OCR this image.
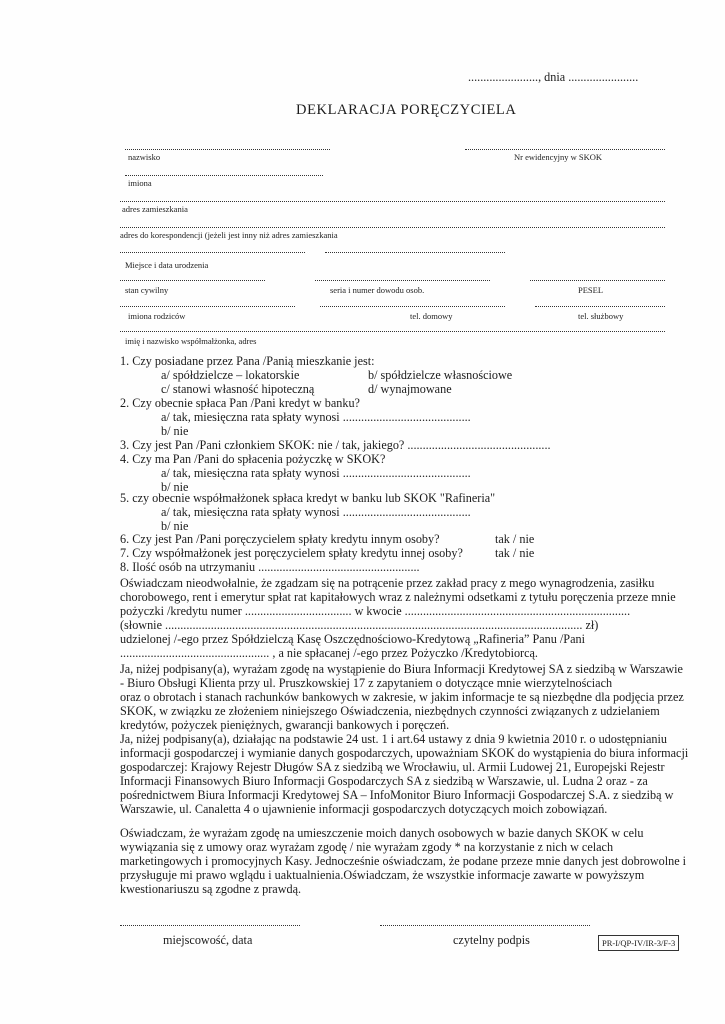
......................., dnia .......................
DEKLARACJA PORĘCZYCIELA
nazwisko	Nr ewidencyjny w SKOK
imiona
adres zamieszkania
adres do korespondencji (jeżeli jest inny niż adres zamieszkania
Miejsce i data urodzenia
stan cywilny	seria i numer dowodu osob.	PESEL
imiona rodziców	tel. domowy	tel. służbowy
imię i nazwisko współmałżonka, adres
1. Czy posiadane przez Pana /Panią mieszkanie jest:
a/ spółdzielcze – lokatorskie	b/ spółdzielcze własnościowe
c/ stanowi własność hipoteczną	d/ wynajmowane
2. Czy obecnie spłaca Pan /Pani kredyt w banku?
a/ tak, miesięczna rata spłaty wynosi ..........................................
b/ nie
3. Czy jest Pan /Pani członkiem SKOK: nie / tak, jakiego? ...............................................
4. Czy ma Pan /Pani do spłacenia pożyczkę w SKOK?
a/ tak, miesięczna rata spłaty wynosi ..........................................
b/ nie
5. czy obecnie współmałżonek spłaca kredyt w banku lub SKOK "Rafineria"
a/ tak, miesięczna rata spłaty wynosi ..........................................
b/ nie
6. Czy jest Pan /Pani poręczycielem spłaty kredytu innym osoby?	tak / nie
7. Czy współmałżonek jest poręczycielem spłaty kredytu innej osoby?	tak / nie
8. Ilość osób na utrzymaniu .....................................................
Oświadczam nieodwołalnie, że zgadzam się na potrącenie przez zakład pracy z mego wynagrodzenia, zasiłku
chorobowego, rent i emerytur spłat rat kapitałowych wraz z należnymi odsetkami z tytułu poręczenia przeze mnie
pożyczki /kredytu numer ................................... w kwocie ..........................................................................
(słownie ......................................................................................................................................... zł)
udzielonej /-ego przez Spółdzielczą Kasę Oszczędnościowo-Kredytową „Rafineria” Panu /Pani
................................................. , a nie spłacanej /-ego przez Pożyczko /Kredytobiorcą.
Ja, niżej podpisany(a), wyrażam zgodę na wystąpienie do Biura Informacji Kredytowej SA z siedzibą w Warszawie
- Biuro Obsługi Klienta przy ul. Pruszkowskiej 17 z zapytaniem o dotyczące mnie wierzytelnościach
oraz o obrotach i stanach rachunków bankowych w zakresie, w jakim informacje te są niezbędne dla podjęcia przez
SKOK, w związku ze złożeniem niniejszego Oświadczenia, niezbędnych czynności związanych z udzielaniem
kredytów, pożyczek pieniężnych, gwarancji bankowych i poręczeń.
Ja, niżej podpisany(a), działając na podstawie 24 ust. 1 i art.64 ustawy z dnia 9 kwietnia 2010 r. o udostępnianiu
informacji gospodarczej i wymianie danych gospodarczych, upoważniam SKOK do wystąpienia do biura informacji
gospodarczej: Krajowy Rejestr Długów SA z siedzibą we Wrocławiu, ul. Armii Ludowej 21, Europejski Rejestr
Informacji Finansowych Biuro Informacji Gospodarczych SA z siedzibą w Warszawie, ul. Ludna 2 oraz - za
pośrednictwem Biura Informacji Kredytowej SA – InfoMonitor Biuro Informacji Gospodarczej S.A. z siedzibą w
Warszawie, ul. Canaletta 4 o ujawnienie informacji gospodarczych dotyczących moich zobowiązań.
Oświadczam, że wyrażam zgodę na umieszczenie moich danych osobowych w bazie danych SKOK w celu
wywiązania się z umowy oraz wyrażam zgodę / nie wyrażam zgody * na korzystanie z nich w celach
marketingowych i promocyjnych Kasy. Jednocześnie oświadczam, że podane przeze mnie danych jest dobrowolne i
przysługuje mi prawo wglądu i uaktualnienia.Oświadczam, że wszystkie informacje zawarte w powyższym
kwestionariuszu są zgodne z prawdą.
miejscowość, data	czytelny podpis	PR-I/QP-IV/IR-3/F-3
